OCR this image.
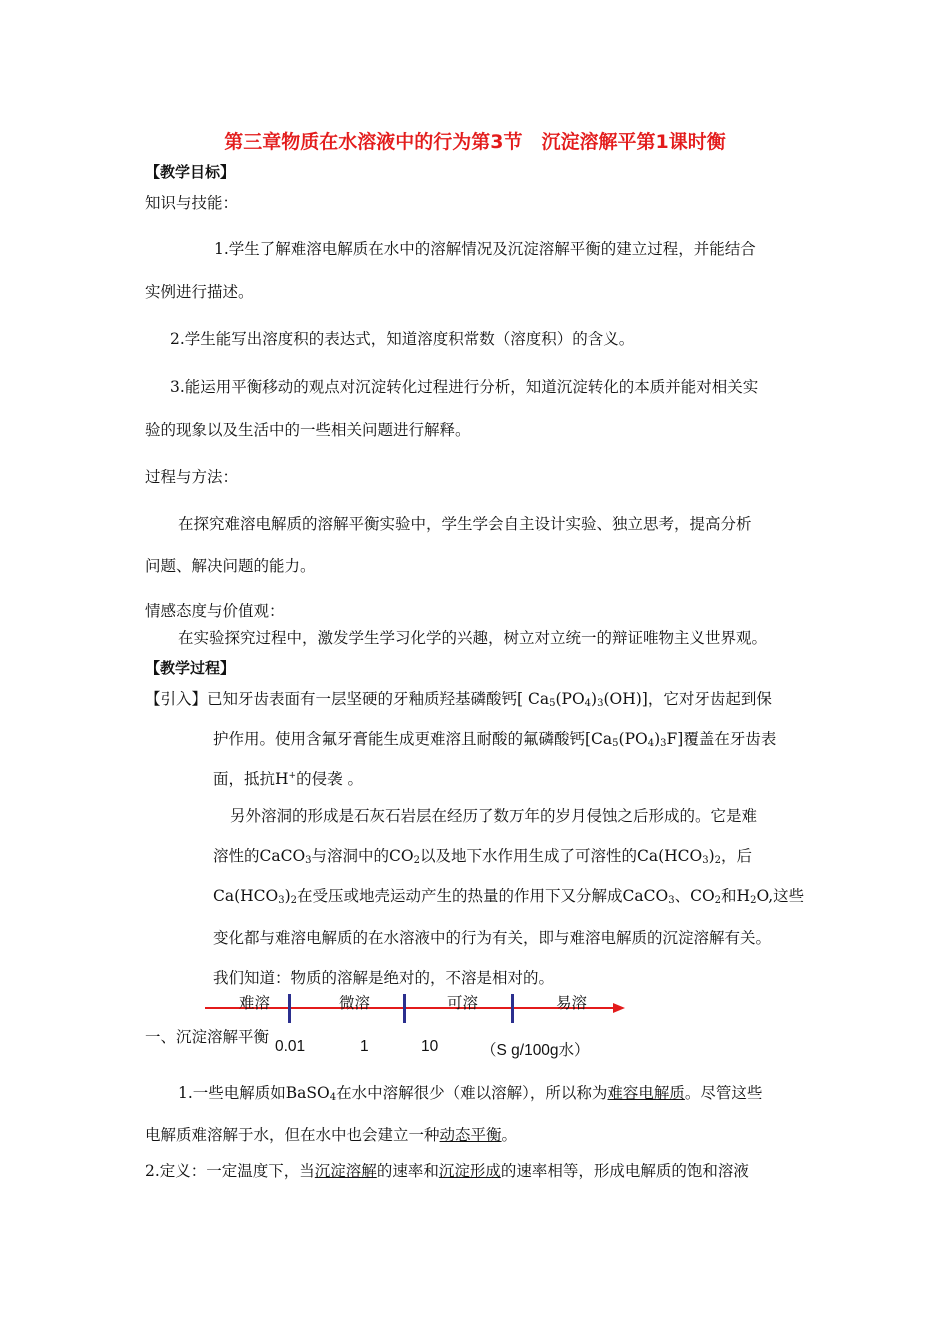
第三章物质在水溶液中的行为第3节　沉淀溶解平第1课时衡
【教学目标】
知识与技能：
1.学生了解难溶电解质在水中的溶解情况及沉淀溶解平衡的建立过程，并能结合
实例进行描述。
2.学生能写出溶度积的表达式，知道溶度积常数（溶度积）的含义。
3.能运用平衡移动的观点对沉淀转化过程进行分析，知道沉淀转化的本质并能对相关实
验的现象以及生活中的一些相关问题进行解释。
过程与方法：
在探究难溶电解质的溶解平衡实验中，学生学会自主设计实验、独立思考，提高分析
问题、解决问题的能力。
情感态度与价值观：
在实验探究过程中，激发学生学习化学的兴趣，树立对立统一的辩证唯物主义世界观。
【教学过程】
【引入】已知牙齿表面有一层坚硬的牙釉质羟基磷酸钙[ $Ca_5(PO_4)_3(OH)$]，它对牙齿起到保
护作用。使用含氟牙膏能生成更难溶且耐酸的氟磷酸钙$[Ca_5(PO_4)_3F]$覆盖在牙齿表
面，抵抗H+的侵袭 。
另外溶洞的形成是石灰石岩层在经历了数万年的岁月侵蚀之后形成的。它是难
溶性的CaCO$_3$与溶洞中的$CO_2$以及地下水作用生成了可溶性的$Ca(HCO_3)_2$，后
$Ca(HCO_3)_2$在受压或地壳运动产生的热量的作用下又分解成CaCO$_3$、$CO_2$和$H_2O$,这些
变化都与难溶电解质的在水溶液中的行为有关，即与难溶电解质的沉淀溶解有关。
我们知道：物质的溶解是绝对的，不溶是相对的。
难溶	微溶	可溶	易溶
0.01	1	10	（S g/100g水）
一、沉淀溶解平衡
1.一些电解质如BaSO$_4$在水中溶解很少（难以溶解），所以称为难容电解质。尽管这些
电解质难溶解于水，但在水中也会建立一种动态平衡。
2.定义：一定温度下，当沉淀溶解的速率和沉淀形成的速率相等，形成电解质的饱和溶液
